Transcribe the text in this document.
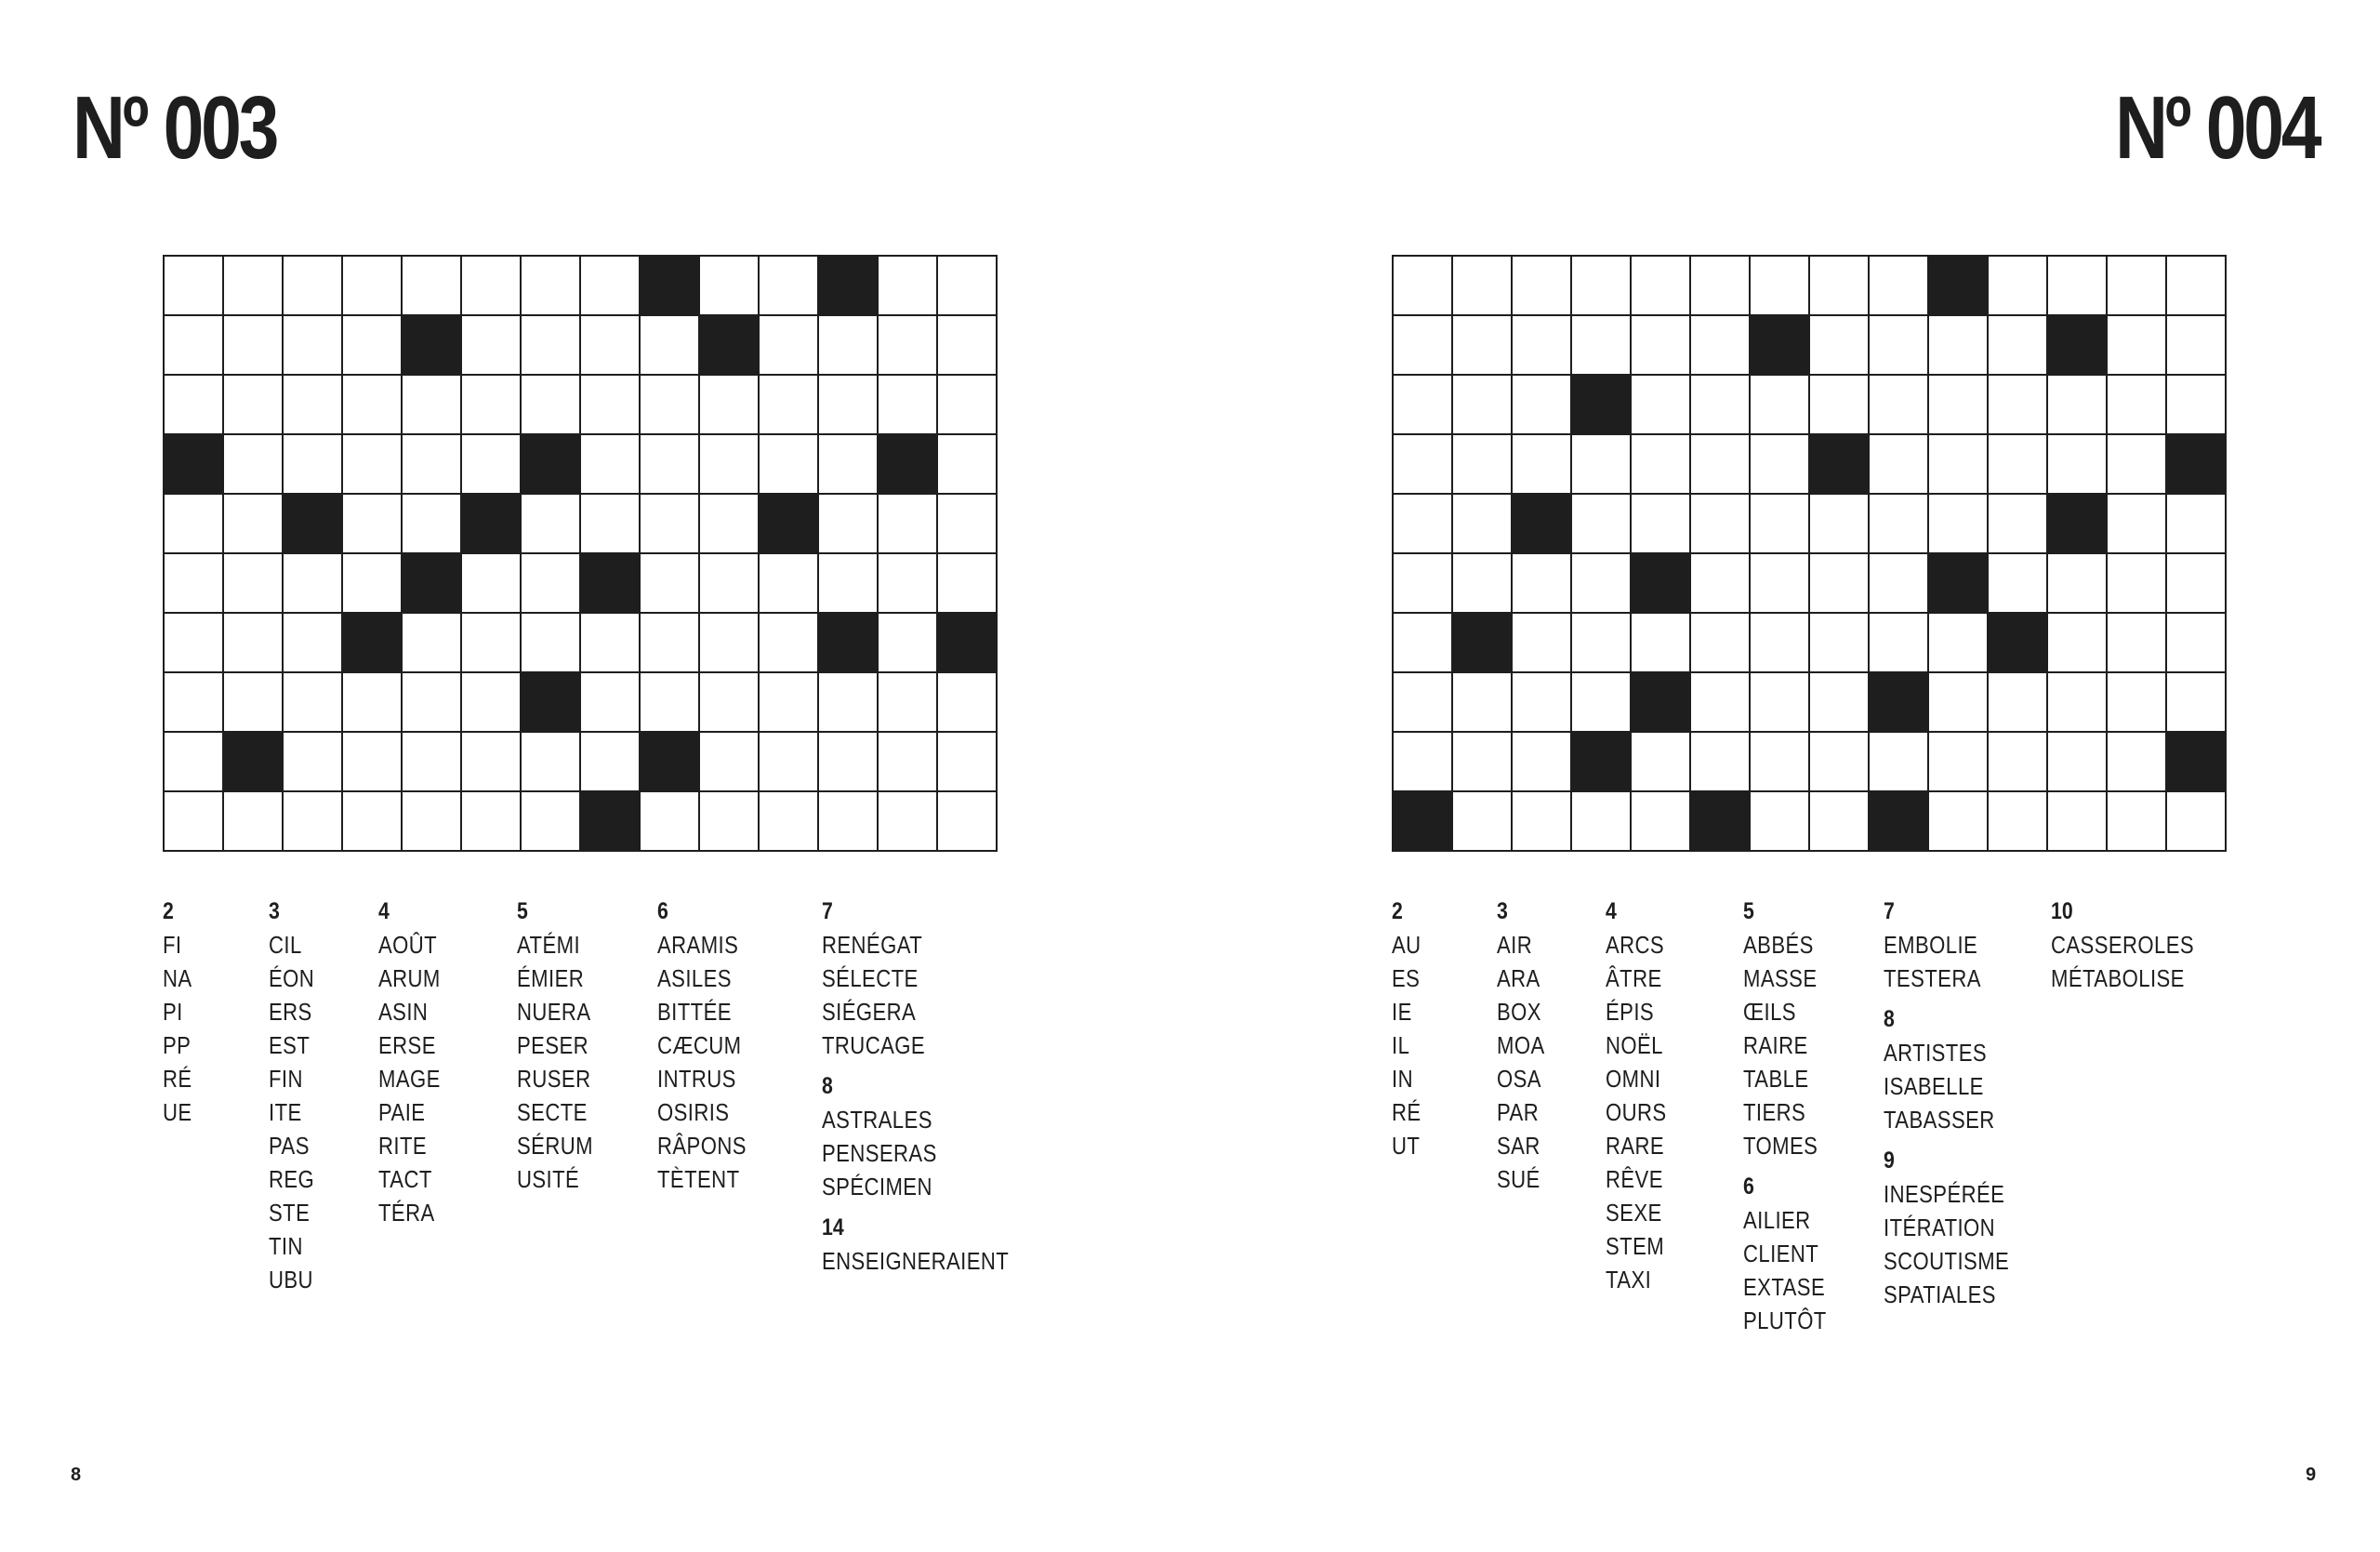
Nº 003	Nº 004
2
FI
NA
PI
PP
RÉ
UE
3
CIL
ÉON
ERS
EST
FIN
ITE
PAS
REG
STE
TIN
UBU
4
AOÛT
ARUM
ASIN
ERSE
MAGE
PAIE
RITE
TACT
TÉRA
5
ATÉMI
ÉMIER
NUERA
PESER
RUSER
SECTE
SÉRUM
USITÉ
6
ARAMIS
ASILES
BITTÉE
CÆCUM
INTRUS
OSIRIS
RÂPONS
TÈTENT
7
RENÉGAT
SÉLECTE
SIÉGERA
TRUCAGE
8
ASTRALES
PENSERAS
SPÉCIMEN
14
ENSEIGNERAIENT
2
AU
ES
IE
IL
IN
RÉ
UT
3
AIR
ARA
BOX
MOA
OSA
PAR
SAR
SUÉ
4
ARCS
ÂTRE
ÉPIS
NOËL
OMNI
OURS
RARE
RÊVE
SEXE
STEM
TAXI
5
ABBÉS
MASSE
ŒILS
RAIRE
TABLE
TIERS
TOMES
6
AILIER
CLIENT
EXTASE
PLUTÔT
7
EMBOLIE
TESTERA
8
ARTISTES
ISABELLE
TABASSER
9
INESPÉRÉE
ITÉRATION
SCOUTISME
SPATIALES
10
CASSEROLES
MÉTABOLISE
8	9
